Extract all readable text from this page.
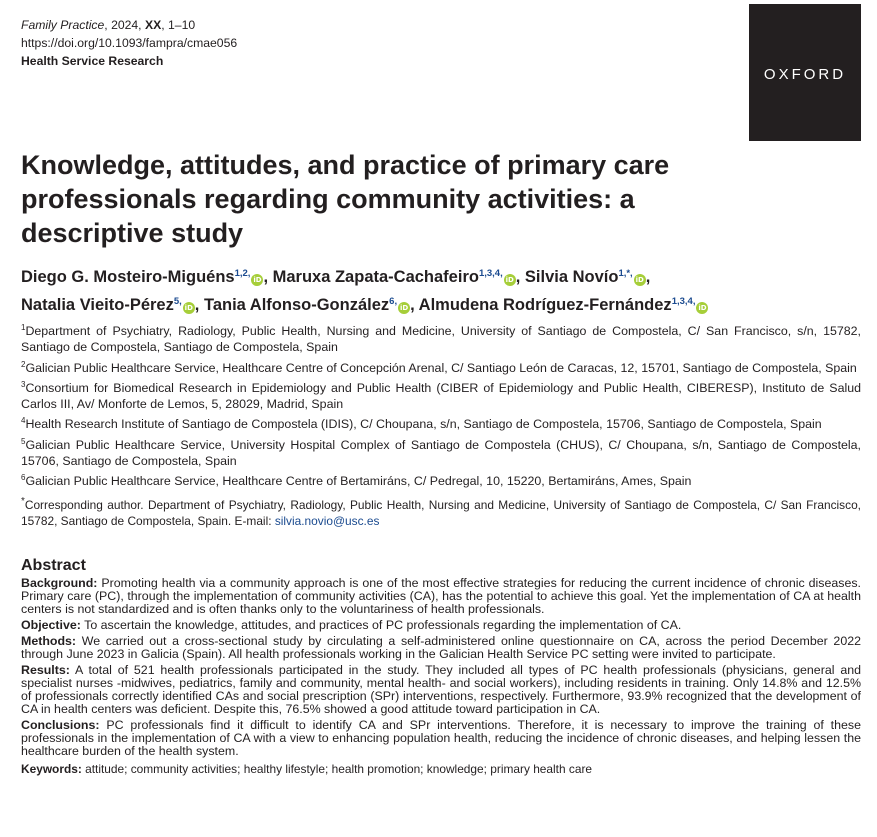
Family Practice, 2024, XX, 1–10
https://doi.org/10.1093/fampra/cmae056
Health Service Research
OXFORD
Knowledge, attitudes, and practice of primary care professionals regarding community activities: a descriptive study
Diego G. Mosteiro-Miguéns$^{1,2,}$iD , Maruxa Zapata-Cachafeiro$^{1,3,4,}$iD , Silvia Novío$^{1,*,}$iD ,
Natalia Vieito-Pérez$^{5,}$iD , Tania Alfonso-González$^{6,}$iD , Almudena Rodríguez-Fernández$^{1,3,4,}$iD
$^1$Department of Psychiatry, Radiology, Public Health, Nursing and Medicine, University of Santiago de Compostela, C/ San Francisco, s/n, 15782, Santiago de Compostela, Santiago de Compostela, Spain
$^2$Galician Public Healthcare Service, Healthcare Centre of Concepción Arenal, C/ Santiago León de Caracas, 12, 15701, Santiago de Compostela, Spain
$^3$Consortium for Biomedical Research in Epidemiology and Public Health (CIBER of Epidemiology and Public Health, CIBERESP), Instituto de Salud Carlos III, Av/ Monforte de Lemos, 5, 28029, Madrid, Spain
$^4$Health Research Institute of Santiago de Compostela (IDIS), C/ Choupana, s/n, Santiago de Compostela, 15706, Santiago de Compostela, Spain
$^5$Galician Public Healthcare Service, University Hospital Complex of Santiago de Compostela (CHUS), C/ Choupana, s/n, Santiago de Compostela, 15706, Santiago de Compostela, Spain
$^6$Galician Public Healthcare Service, Healthcare Centre of Bertamiráns, C/ Pedregal, 10, 15220, Bertamiráns, Ames, Spain
*Corresponding author. Department of Psychiatry, Radiology, Public Health, Nursing and Medicine, University of Santiago de Compostela, C/ San Francisco, 15782, Santiago de Compostela, Spain. E-mail: silvia.novio@usc.es
Abstract

Background: Promoting health via a community approach is one of the most effective strategies for reducing the current incidence of chronic diseases. Primary care (PC), through the implementation of community activities (CA), has the potential to achieve this goal. Yet the implementation of CA at health centers is not standardized and is often thanks only to the voluntariness of health professionals.

Objective: To ascertain the knowledge, attitudes, and practices of PC professionals regarding the implementation of CA.

Methods: We carried out a cross-sectional study by circulating a self-administered online questionnaire on CA, across the period December 2022 through June 2023 in Galicia (Spain). All health professionals working in the Galician Health Service PC setting were invited to participate.

Results: A total of 521 health professionals participated in the study. They included all types of PC health professionals (physicians, general and specialist nurses -midwives, pediatrics, family and community, mental health- and social workers), including residents in training. Only 14.8% and 12.5% of professionals correctly identified CAs and social prescription (SPr) interventions, respectively. Furthermore, 93.9% recognized that the development of CA in health centers was deficient. Despite this, 76.5% showed a good attitude toward participation in CA.

Conclusions: PC professionals find it difficult to identify CA and SPr interventions. Therefore, it is necessary to improve the training of these professionals in the implementation of CA with a view to enhancing population health, reducing the incidence of chronic diseases, and helping lessen the healthcare burden of the health system.

Keywords: attitude; community activities; healthy lifestyle; health promotion; knowledge; primary health care
